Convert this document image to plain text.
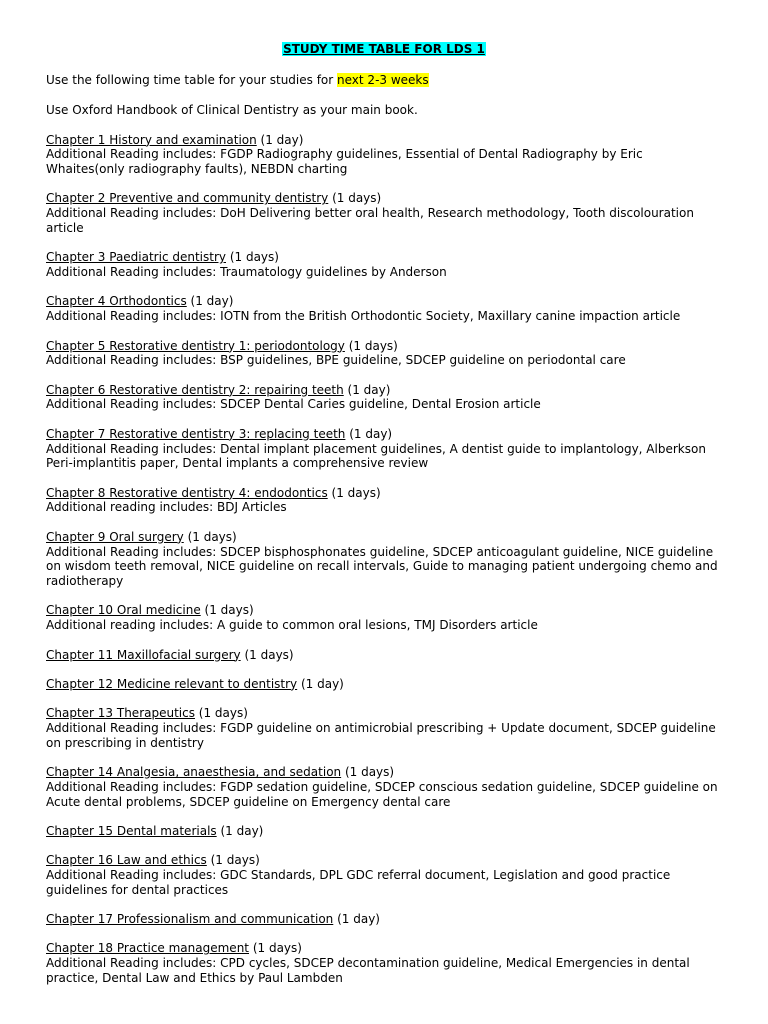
STUDY TIME TABLE FOR LDS 1

Use the following time table for your studies for next 2-3 weeks

Use Oxford Handbook of Clinical Dentistry as your main book.

Chapter 1 History and examination (1 day)
Additional Reading includes: FGDP Radiography guidelines, Essential of Dental Radiography by Eric Whaites(only radiography faults), NEBDN charting
Chapter 2 Preventive and community dentistry (1 days)
Additional Reading includes: DoH Delivering better oral health, Research methodology, Tooth discolouration article
Chapter 3 Paediatric dentistry (1 days)
Additional Reading includes: Traumatology guidelines by Anderson
Chapter 4 Orthodontics (1 day)
Additional Reading includes: IOTN from the British Orthodontic Society, Maxillary canine impaction article
Chapter 5 Restorative dentistry 1: periodontology (1 days)
Additional Reading includes: BSP guidelines, BPE guideline, SDCEP guideline on periodontal care
Chapter 6 Restorative dentistry 2: repairing teeth (1 day)
Additional Reading includes: SDCEP Dental Caries guideline, Dental Erosion article
Chapter 7 Restorative dentistry 3: replacing teeth (1 day)
Additional Reading includes: Dental implant placement guidelines, A dentist guide to implantology, Alberkson Peri-implantitis paper, Dental implants a comprehensive review
Chapter 8 Restorative dentistry 4: endodontics (1 days)
Additional reading includes: BDJ Articles
Chapter 9 Oral surgery (1 days)
Additional Reading includes: SDCEP bisphosphonates guideline, SDCEP anticoagulant guideline, NICE guideline on wisdom teeth removal, NICE guideline on recall intervals, Guide to managing patient undergoing chemo and radiotherapy
Chapter 10 Oral medicine (1 days)
Additional reading includes: A guide to common oral lesions, TMJ Disorders article
Chapter 11 Maxillofacial surgery (1 days)
Chapter 12 Medicine relevant to dentistry (1 day)
Chapter 13 Therapeutics (1 days)
Additional Reading includes: FGDP guideline on antimicrobial prescribing + Update document, SDCEP guideline on prescribing in dentistry
Chapter 14 Analgesia, anaesthesia, and sedation (1 days)
Additional Reading includes: FGDP sedation guideline, SDCEP conscious sedation guideline, SDCEP guideline on Acute dental problems, SDCEP guideline on Emergency dental care
Chapter 15 Dental materials (1 day)
Chapter 16 Law and ethics (1 days)
Additional Reading includes: GDC Standards, DPL GDC referral document, Legislation and good practice guidelines for dental practices
Chapter 17 Professionalism and communication (1 day)
Chapter 18 Practice management (1 days)
Additional Reading includes: CPD cycles, SDCEP decontamination guideline, Medical Emergencies in dental practice, Dental Law and Ethics by Paul Lambden
